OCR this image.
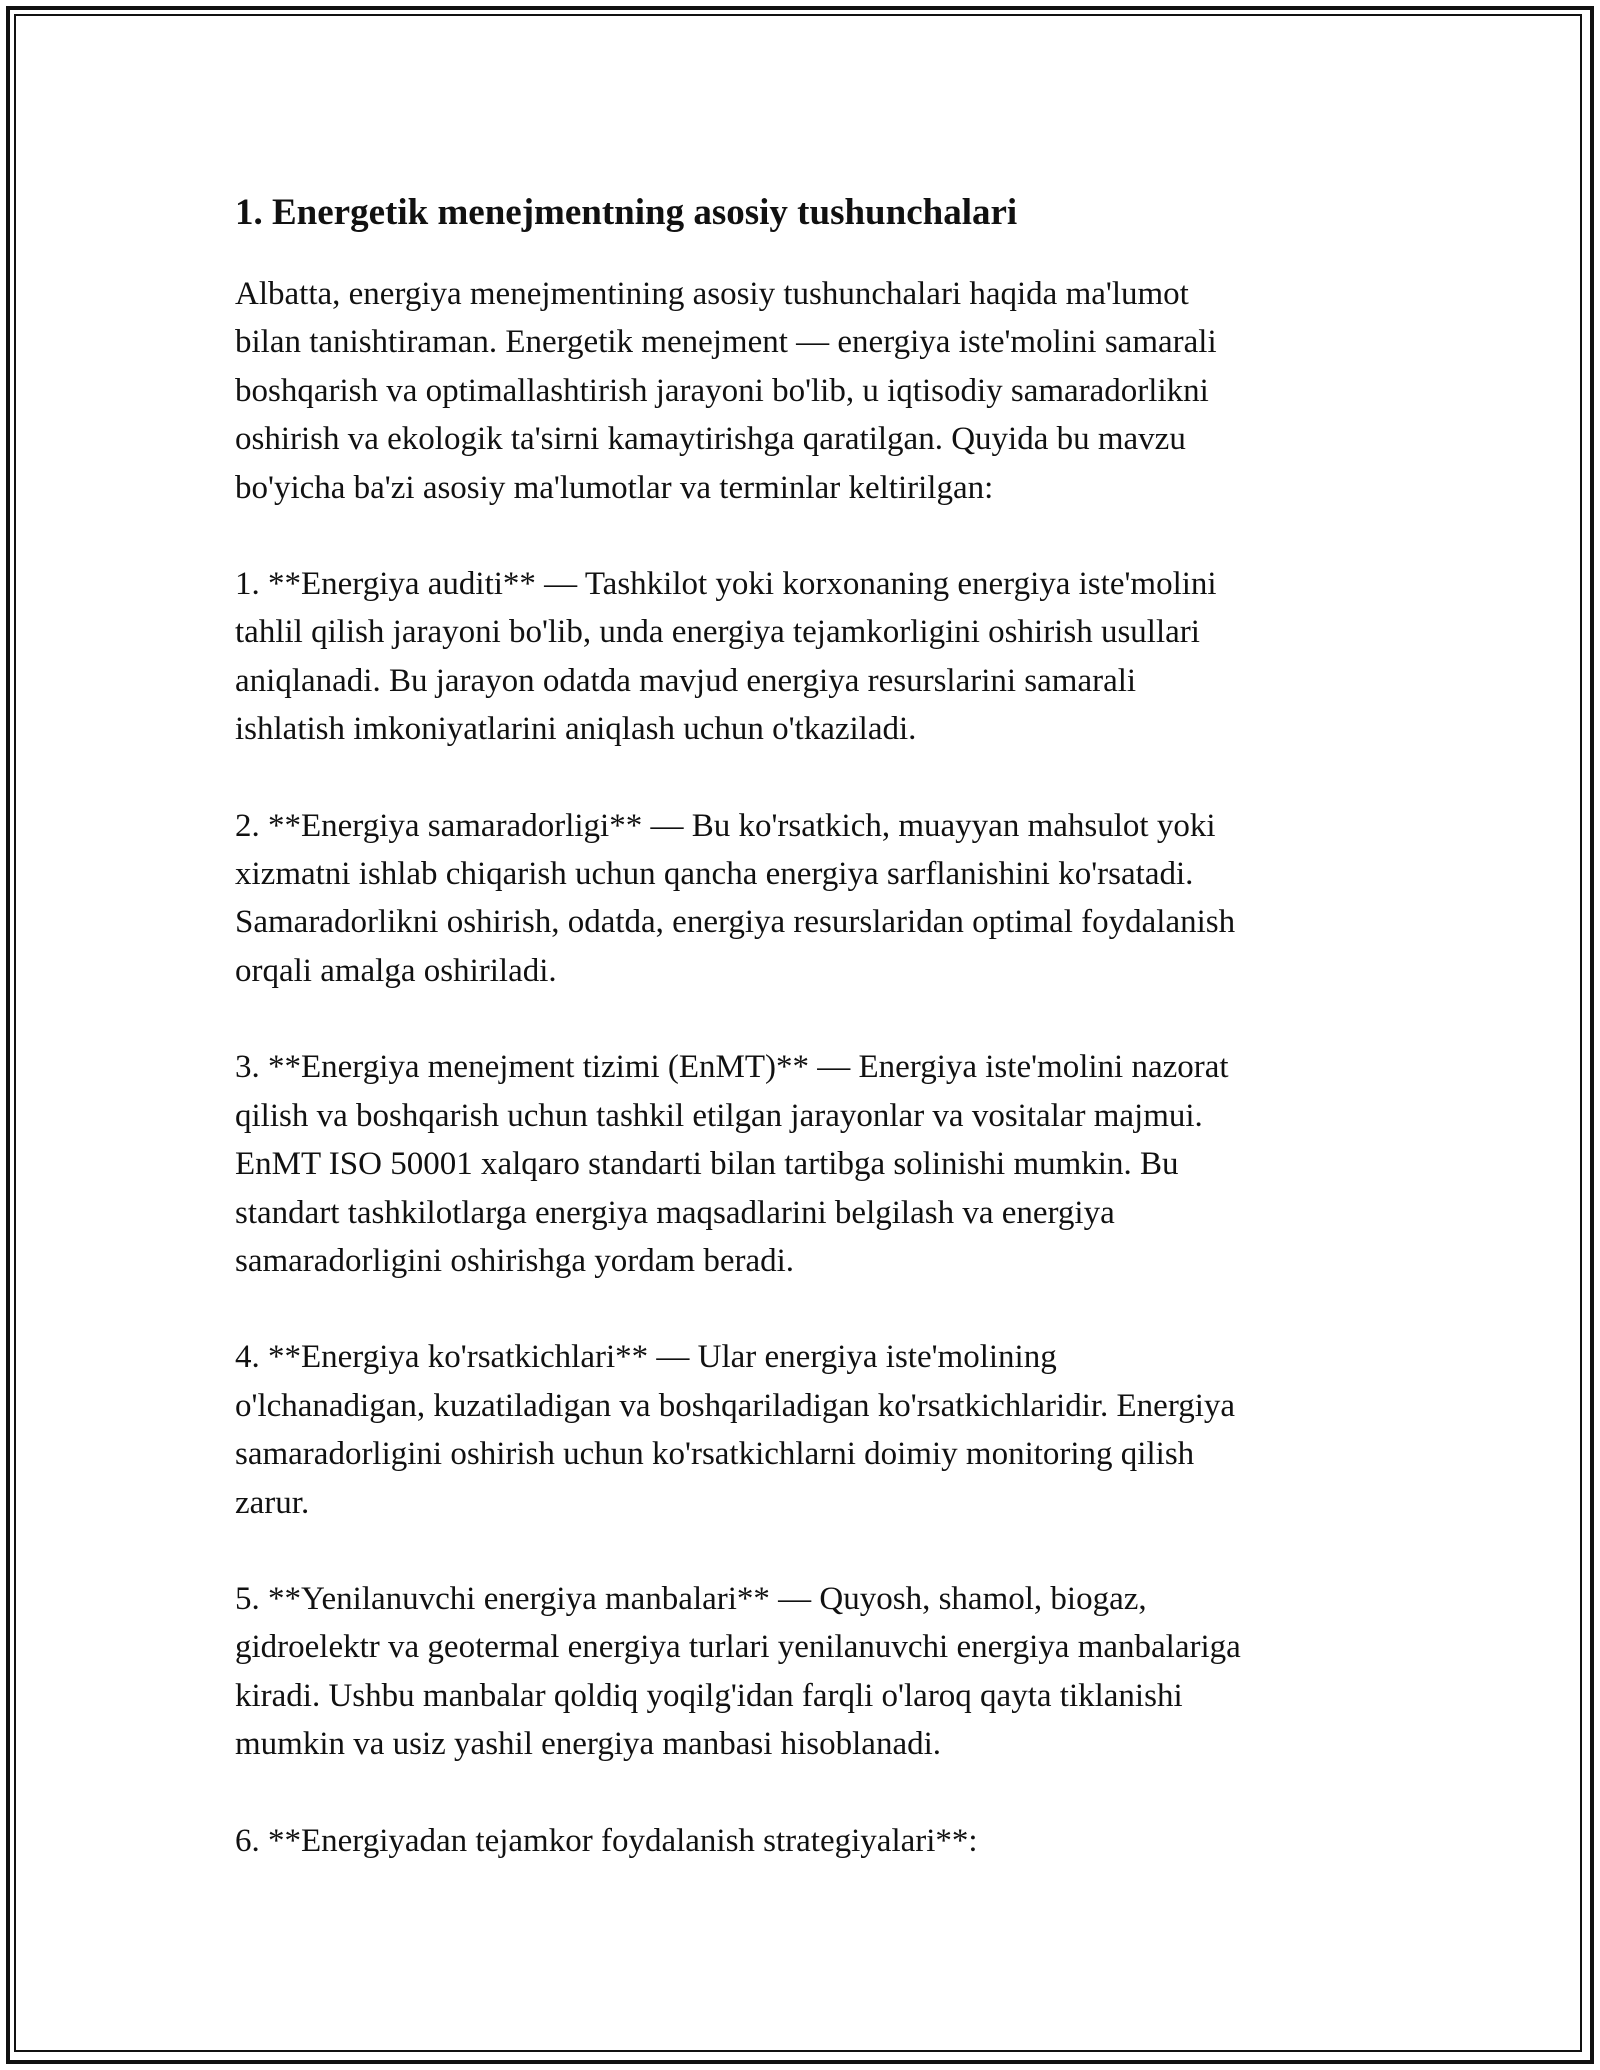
1. Energetik menejmentning asosiy tushunchalari

Albatta, energiya menejmentining asosiy tushunchalari haqida ma'lumot
bilan tanishtiraman. Energetik menejment — energiya iste'molini samarali
boshqarish va optimallashtirish jarayoni bo'lib, u iqtisodiy samaradorlikni
oshirish va ekologik ta'sirni kamaytirishga qaratilgan. Quyida bu mavzu
bo'yicha ba'zi asosiy ma'lumotlar va terminlar keltirilgan:

1. **Energiya auditi** — Tashkilot yoki korxonaning energiya iste'molini
tahlil qilish jarayoni bo'lib, unda energiya tejamkorligini oshirish usullari
aniqlanadi. Bu jarayon odatda mavjud energiya resurslarini samarali
ishlatish imkoniyatlarini aniqlash uchun o'tkaziladi.

2. **Energiya samaradorligi** — Bu ko'rsatkich, muayyan mahsulot yoki
xizmatni ishlab chiqarish uchun qancha energiya sarflanishini ko'rsatadi.
Samaradorlikni oshirish, odatda, energiya resurslaridan optimal foydalanish
orqali amalga oshiriladi.

3. **Energiya menejment tizimi (EnMT)** — Energiya iste'molini nazorat
qilish va boshqarish uchun tashkil etilgan jarayonlar va vositalar majmui.
EnMT ISO 50001 xalqaro standarti bilan tartibga solinishi mumkin. Bu
standart tashkilotlarga energiya maqsadlarini belgilash va energiya
samaradorligini oshirishga yordam beradi.

4. **Energiya ko'rsatkichlari** — Ular energiya iste'molining
o'lchanadigan, kuzatiladigan va boshqariladigan ko'rsatkichlaridir. Energiya
samaradorligini oshirish uchun ko'rsatkichlarni doimiy monitoring qilish
zarur.

5. **Yenilanuvchi energiya manbalari** — Quyosh, shamol, biogaz,
gidroelektr va geotermal energiya turlari yenilanuvchi energiya manbalariga
kiradi. Ushbu manbalar qoldiq yoqilg'idan farqli o'laroq qayta tiklanishi
mumkin va usiz yashil energiya manbasi hisoblanadi.

6. **Energiyadan tejamkor foydalanish strategiyalari**:
